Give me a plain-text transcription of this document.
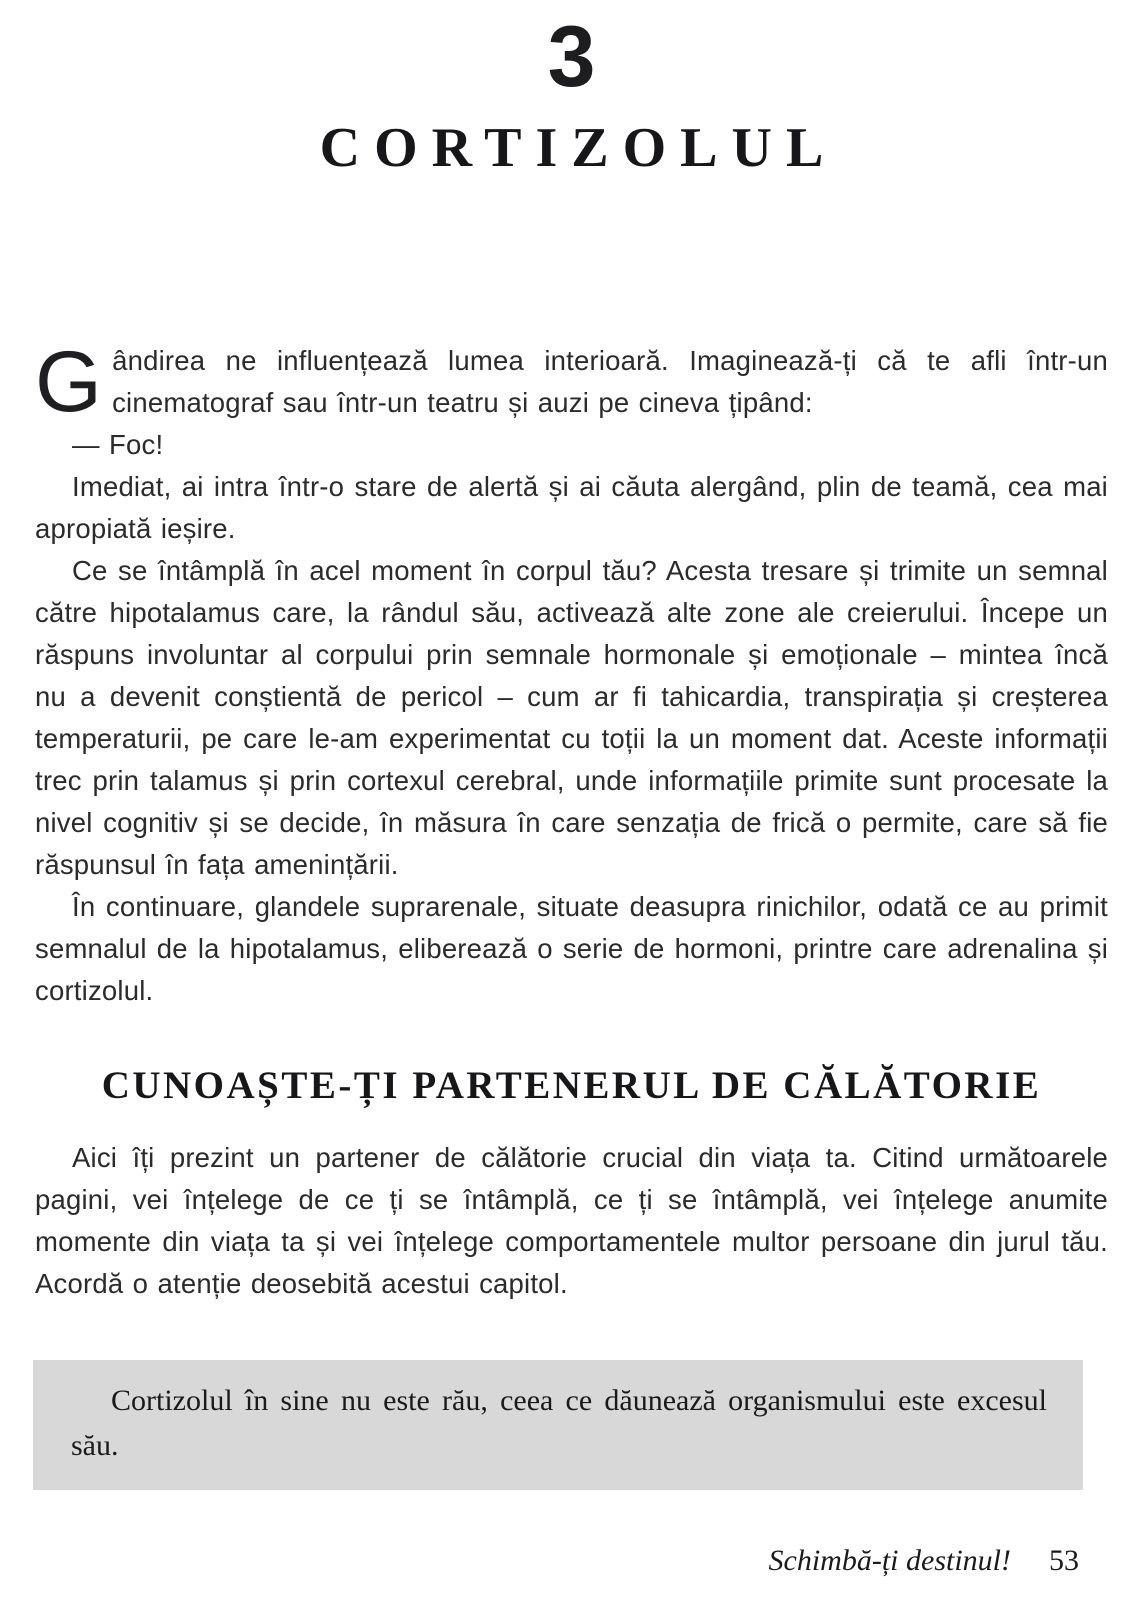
3
CORTIZOLUL

Gândirea ne influențează lumea interioară. Imaginează-ți că te afli într-un cinematograf sau într-un teatru și auzi pe cineva țipând:

— Foc!

Imediat, ai intra într-o stare de alertă și ai căuta alergând, plin de teamă, cea mai apropiată ieșire.

Ce se întâmplă în acel moment în corpul tău? Acesta tresare și trimite un semnal către hipotalamus care, la rândul său, activează alte zone ale creierului. Începe un răspuns involuntar al corpului prin semnale hormonale și emoționale – mintea încă nu a devenit conștientă de pericol – cum ar fi tahicardia, transpirația și creșterea temperaturii, pe care le-am experimentat cu toții la un moment dat. Aceste informații trec prin talamus și prin cortexul cerebral, unde informațiile primite sunt procesate la nivel cognitiv și se decide, în măsura în care senzația de frică o permite, care să fie răspunsul în fața amenințării.

În continuare, glandele suprarenale, situate deasupra rinichilor, odată ce au primit semnalul de la hipotalamus, eliberează o serie de hormoni, printre care adrenalina și cortizolul.

CUNOAȘTE-ȚI PARTENERUL DE CĂLĂTORIE

Aici îți prezint un partener de călătorie crucial din viața ta. Citind următoarele pagini, vei înțelege de ce ți se întâmplă, ce ți se întâmplă, vei înțelege anumite momente din viața ta și vei înțelege comportamentele multor persoane din jurul tău. Acordă o atenție deosebită acestui capitol.

Cortizolul în sine nu este rău, ceea ce dăunează organismului este excesul său.
Schimbă-ți destinul! 53
